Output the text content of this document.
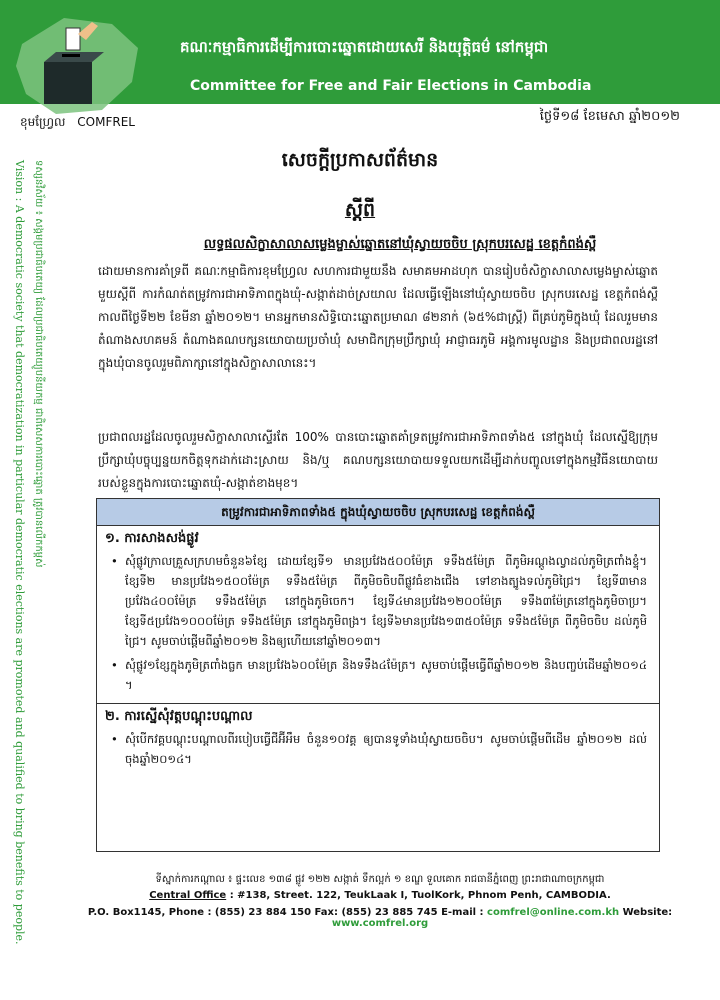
គណៈកម្មាធិការដើម្បីការបោះឆ្នោតដោយសេរី និងយុត្តិធម៌ នៅកម្ពុជា
Committee for Free and Fair Elections in Cambodia
ខុមហ្វ្រែល COMFREL	ថ្ងៃទី១៨ ខែមេសា ឆ្នាំ២០១២
Vision : A democratic society that democratization in particular democratic elections are promoted and qualified to bring benefits to people. ទស្សនវិស័យ ៖ សង្គមប្រជាធិបតេយ្យ ដែលប្រជាធិបតេយ្យូបនីយកម្ម ជាពិសេសការបោះឆ្នោត ត្រូវបានលើកកម្ពស់	សេចក្តីប្រកាសព័ត៌មាន
ស្តីពី
លទ្ធផលសិក្ខាសាលាសម្លេងម្ចាស់ឆ្នោតនៅឃុំស្វាយចចិប ស្រុកបរសេដ្ឋ ខេត្តកំពង់ស្ពឺ
ដោយមានការគាំទ្រពី គណៈកម្មាធិការខុមហ្វ្រែល សហការជាមួយនឹង សមាគមអាដហុក បានរៀបចំសិក្ខាសាលាសម្លេងម្ចាស់ឆ្នោតមួយស្តីពី ការកំណត់តម្រូវការជាអាទិភាពក្នុងឃុំ-សង្កាត់ដាច់ស្រយាល ដែលធ្វើឡើងនៅឃុំស្វាយចចិប ស្រុកបរសេដ្ឋ ខេត្តកំពង់ស្ពឺ កាលពីថ្ងៃទី២២ ខែមីនា ឆ្នាំ២០១២។ មានអ្នកមានសិទ្ធិបោះឆ្នោតប្រមាណ ៨២នាក់ (៦៥%ជាស្ត្រី) ពីគ្រប់ភូមិក្នុងឃុំ ដែលរួមមាន តំណាងសហគមន៍ តំណាងគណបក្សនយោបាយប្រចាំឃុំ សមាជិកក្រុមប្រឹក្សាឃុំ អាជ្ញាធរភូមិ អង្គការមូលដ្ឋាន និងប្រជាពលរដ្ឋនៅក្នុងឃុំបានចូលរួមពិភាក្សានៅក្នុងសិក្ខាសាលានេះ។
ប្រជាពលរដ្ឋដែលចូលរួមសិក្ខាសាលាស្ទើរតែ 100% បានបោះឆ្នោតគាំទ្រតម្រូវការជាអាទិភាពទាំង៥ នៅក្នុងឃុំ ដែលស្នើឱ្យក្រុមប្រឹក្សាឃុំបច្ចុប្បន្នយកចិត្តទុកដាក់ដោះស្រាយ និង/ឬ គណបក្សនយោបាយទទួលយកដើម្បីដាក់បញ្ចូលទៅក្នុងកម្មវិធីនយោបាយរបស់ខ្លួនក្នុងការបោះឆ្នោតឃុំ-សង្កាត់ខាងមុខ។
តម្រូវការជាអាទិភាពទាំង៥ ក្នុងឃុំស្វាយចចិប ស្រុកបរសេដ្ឋ ខេត្តកំពង់ស្ពឺ
១. ការសាងសង់ផ្លូវ
• សុំផ្លូវក្រាលគ្រួសក្រហមចំនួន៦ខ្សែ ដោយខ្សែទី១ មានប្រវែង៥០០ម៉ែត្រ ទទឹង៥ម៉ែត្រ ពីភូមិអណ្តូងល្វាដល់ភូមិត្រពាំងខ្ទុំ។ ខ្សែទី២ មានប្រវែង១៥០០ម៉ែត្រ ទទឹង៥ម៉ែត្រ ពីភូមិចចិបពីផ្លូវធំខាងជើង ទៅខាងត្បូងទល់ភូមិជ្រៃ។ ខ្សែទី៣មានប្រវែង៤០០ម៉ែត្រ ទទឹង៥ម៉ែត្រ នៅក្នុងភូមិចេក។ ខ្សែទី៤មានប្រវែង១២០០ម៉ែត្រ ទទឹង៣ម៉ែត្រនៅក្នុងភូមិចាប្រ។ ខ្សែទី៥ប្រវែង១០០០ម៉ែត្រ ទទឹង៥ម៉ែត្រ នៅក្នុងភូមិពង្រ។ ខ្សែទី៦មានប្រវែង១៣៥០ម៉ែត្រ ទទឹង៥ម៉ែត្រ ពីភូមិចចិប ដល់ភូមិជ្រៃ។ សូមចាប់ផ្តើមពីឆ្នាំ២០១២ និងឲ្យហើយនៅឆ្នាំ២០១៣។
• សុំផ្លូវ១ខ្សែក្នុងភូមិត្រពាំងធ្លក មានប្រវែង៦០០ម៉ែត្រ និងទទឹង៤ម៉ែត្រ។ សូមចាប់ផ្តើមធ្វើពីឆ្នាំ២០១២ និងបញ្ចប់ដើមឆ្នាំ២០១៤ ។
២. ការស្នើសុំវត្តបណ្តុះបណ្តាល
• សុំបើកវគ្គបណ្តុះបណ្តាលពីរបៀបធ្វើជីអ៊ីអឹម ចំនួន១០វគ្គ ឲ្យបានទូទាំងឃុំស្វាយចចិប។ សូមចាប់ផ្តើមពីដើម ឆ្នាំ២០១២ ដល់ចុងឆ្នាំ២០១៤។
ទីស្នាក់ការកណ្តាល ៖ ផ្ទះលេខ ១៣៨ ផ្លូវ ១២២ សង្កាត់ ទឹកល្អក់ ១ ខណ្ឌ ទួលគោក រាជធានីភ្នំពេញ ព្រះរាជាណាចក្រកម្ពុជា
Central Office : #138, Street. 122, TeukLaak I, TuolKork, Phnom Penh, CAMBODIA.
P.O. Box1145, Phone : (855) 23 884 150 Fax: (855) 23 885 745 E-mail : comfrel@online.com.kh Website: www.comfrel.org
